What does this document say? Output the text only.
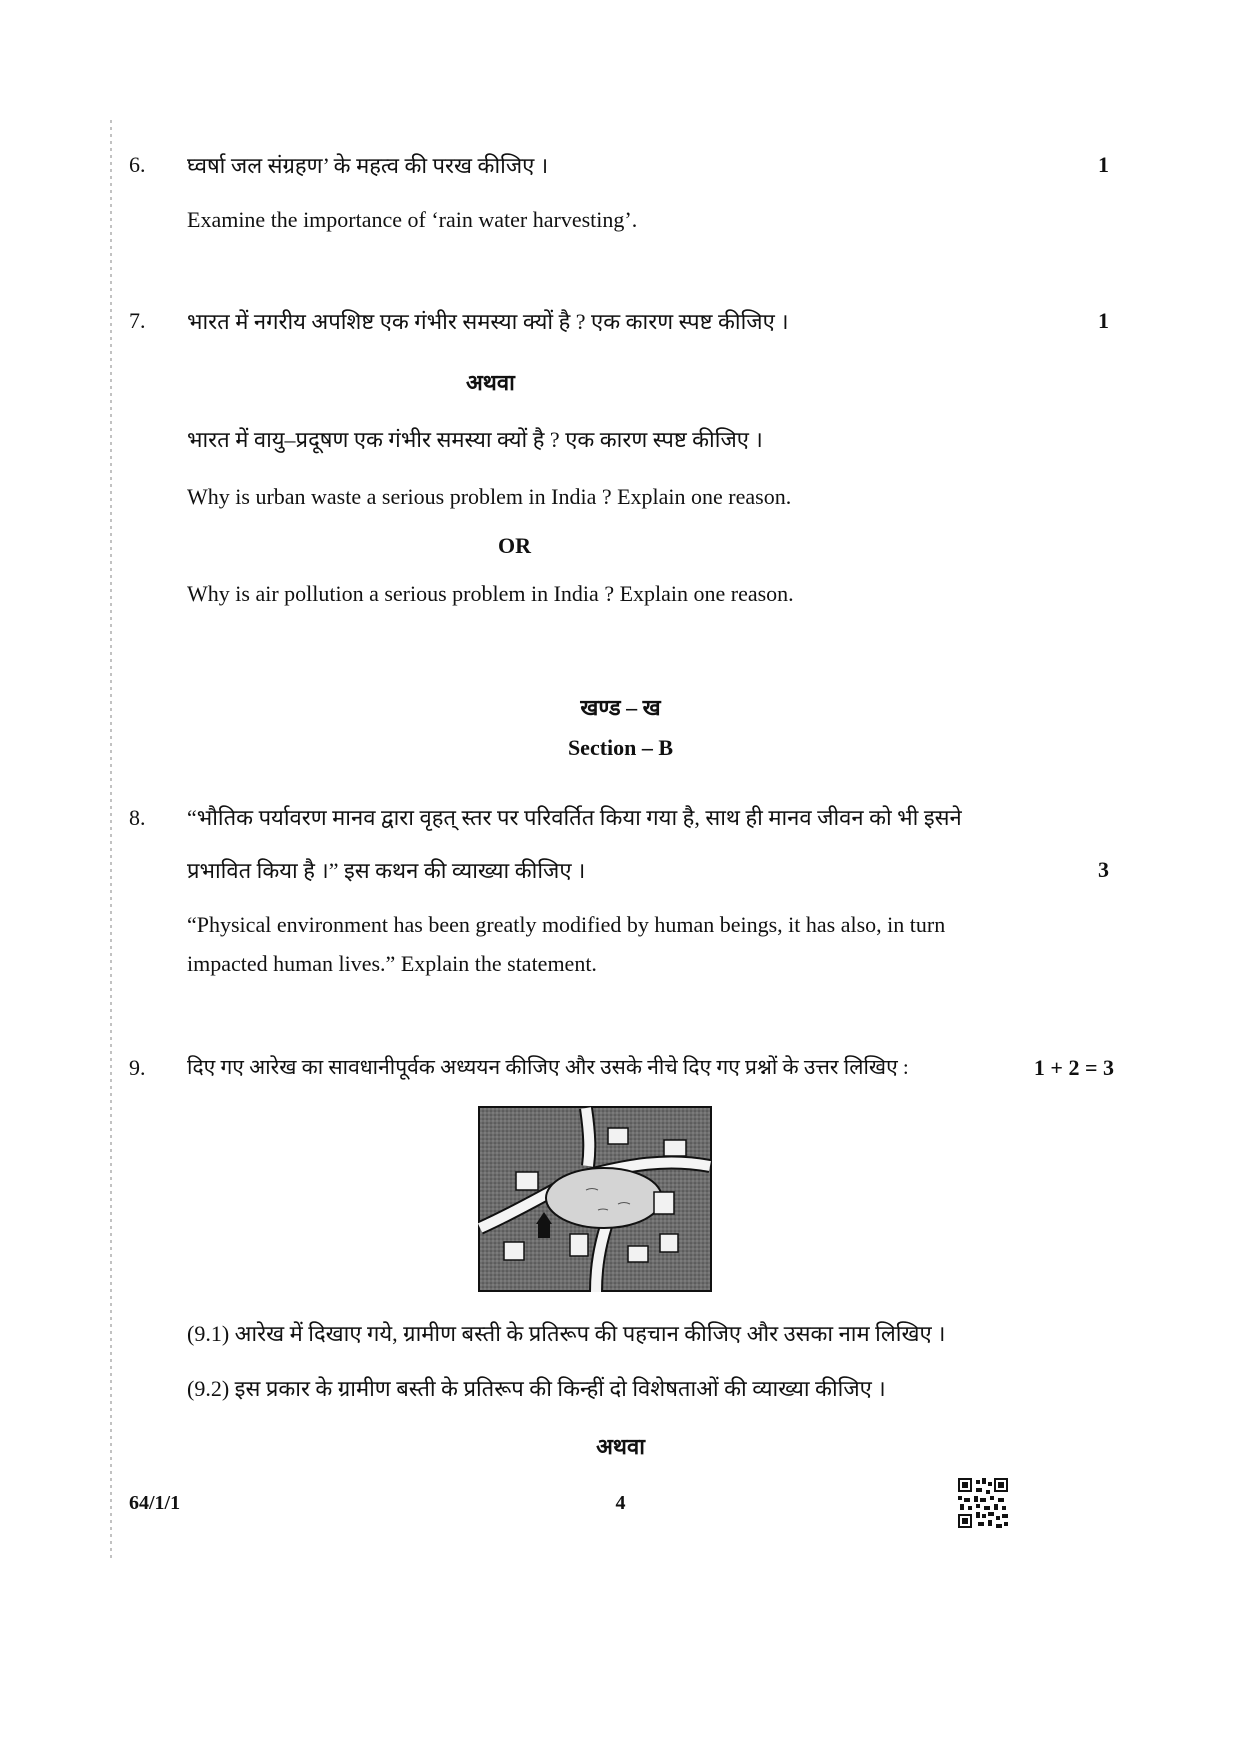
6. घ्वर्षा जल संग्रहण’ के महत्व की परख कीजिए ।	1
Examine the importance of ‘rain water harvesting’.
7. भारत में नगरीय अपशिष्ट एक गंभीर समस्या क्यों है ? एक कारण स्पष्ट कीजिए ।	1
अथवा
भारत में वायु–प्रदूषण एक गंभीर समस्या क्यों है ? एक कारण स्पष्ट कीजिए ।
Why is urban waste a serious problem in India ? Explain one reason.
OR
Why is air pollution a serious problem in India ? Explain one reason.
खण्ड – ख
Section – B
8. “भौतिक पर्यावरण मानव द्वारा वृहत् स्तर पर परिवर्तित किया गया है, साथ ही मानव जीवन को भी इसने
प्रभावित किया है ।” इस कथन की व्याख्या कीजिए ।	3
“Physical environment has been greatly modified by human beings, it has also, in turn
impacted human lives.” Explain the statement.
9. दिए गए आरेख का सावधानीपूर्वक अध्ययन कीजिए और उसके नीचे दिए गए प्रश्नों के उत्तर लिखिए :	1 + 2 = 3
(9.1) आरेख में दिखाए गये, ग्रामीण बस्ती के प्रतिरूप की पहचान कीजिए और उसका नाम लिखिए ।
(9.2) इस प्रकार के ग्रामीण बस्ती के प्रतिरूप की किन्हीं दो विशेषताओं की व्याख्या कीजिए ।
अथवा
64/1/1	4
